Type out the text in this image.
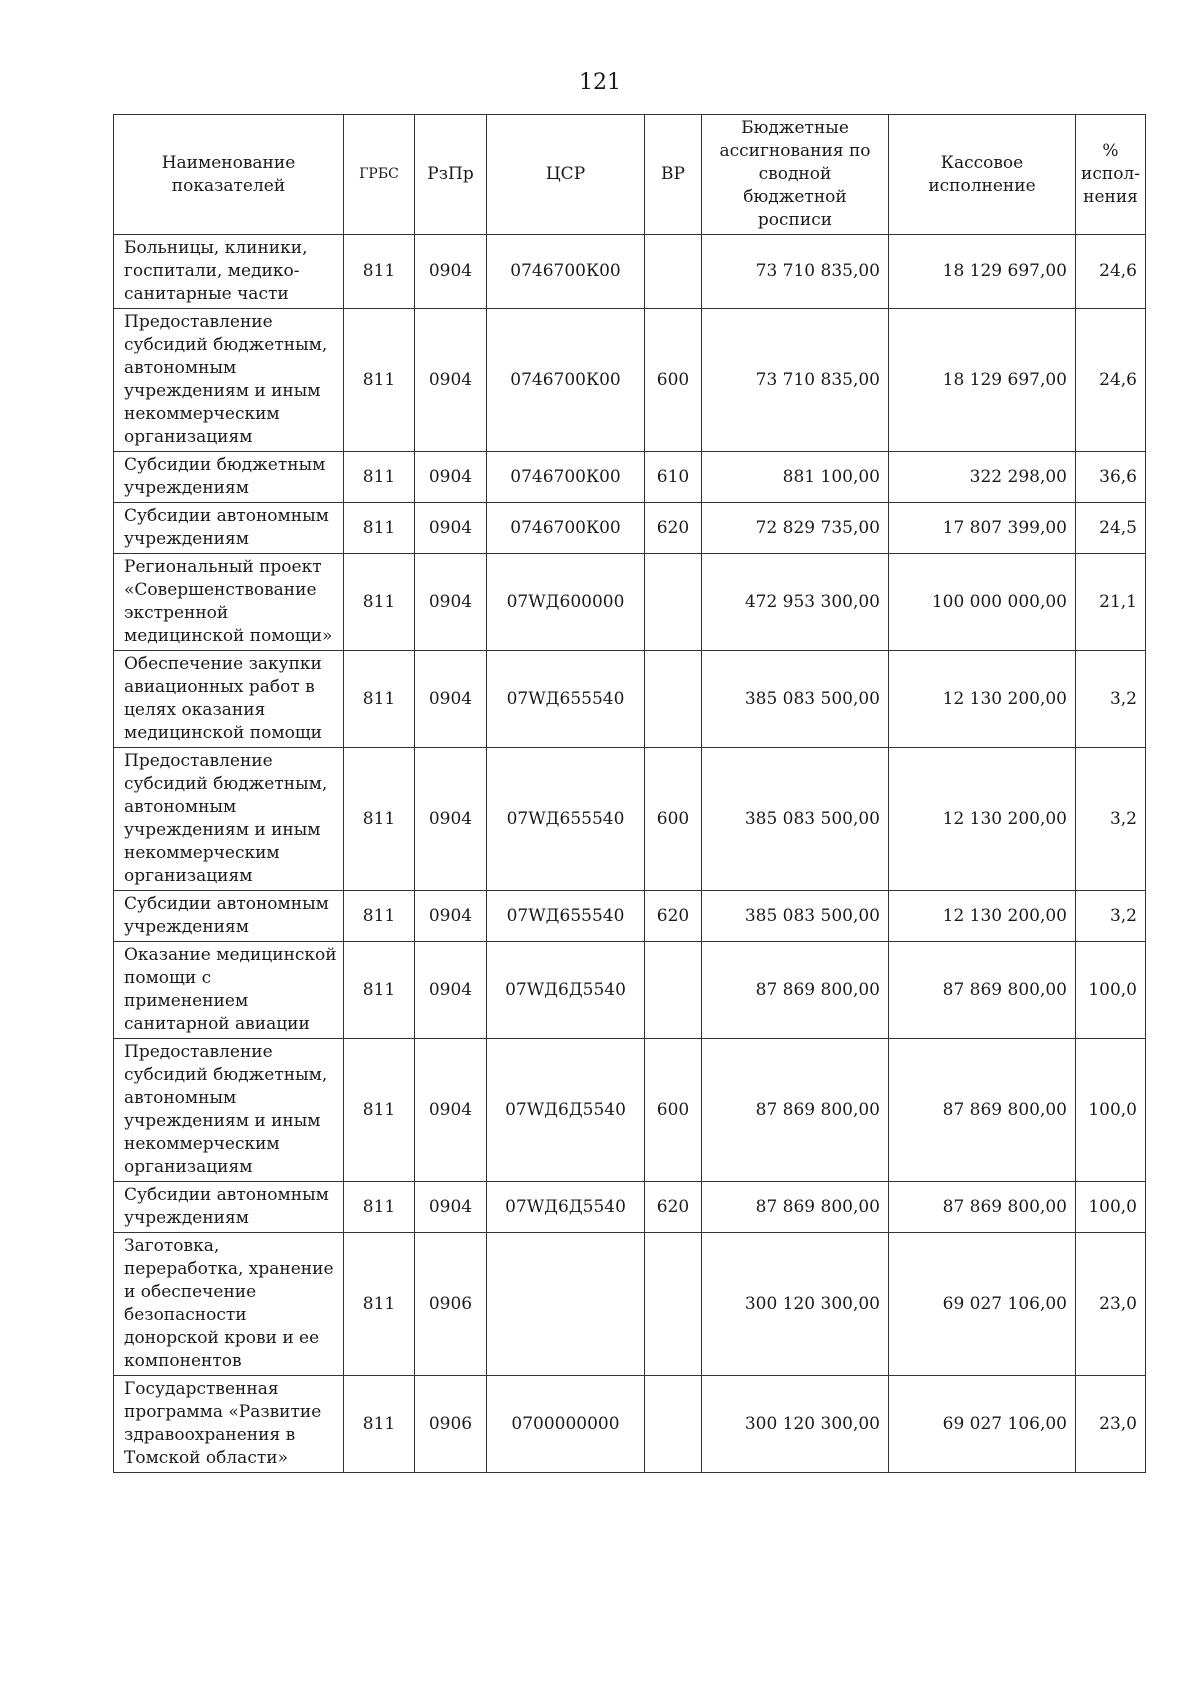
121
Наименование показателей	ГРБС	РзПр	ЦСР	ВР	Бюджетные ассигнования по сводной бюджетной росписи	Кассовое исполнение	% испол-нения
Больницы, клиники, госпитали, медико-санитарные части	811	0904	0746700К00		73 710 835,00	18 129 697,00	24,6
Предоставление субсидий бюджетным, автономным учреждениям и иным некоммерческим организациям	811	0904	0746700К00	600	73 710 835,00	18 129 697,00	24,6
Субсидии бюджетным учреждениям	811	0904	0746700К00	610	881 100,00	322 298,00	36,6
Субсидии автономным учреждениям	811	0904	0746700К00	620	72 829 735,00	17 807 399,00	24,5
Региональный проект «Совершенствование экстренной медицинской помощи»	811	0904	07WД600000		472 953 300,00	100 000 000,00	21,1
Обеспечение закупки авиационных работ в целях оказания медицинской помощи	811	0904	07WД655540		385 083 500,00	12 130 200,00	3,2
Предоставление субсидий бюджетным, автономным учреждениям и иным некоммерческим организациям	811	0904	07WД655540	600	385 083 500,00	12 130 200,00	3,2
Субсидии автономным учреждениям	811	0904	07WД655540	620	385 083 500,00	12 130 200,00	3,2
Оказание медицинской помощи с применением санитарной авиации	811	0904	07WД6Д5540		87 869 800,00	87 869 800,00	100,0
Предоставление субсидий бюджетным, автономным учреждениям и иным некоммерческим организациям	811	0904	07WД6Д5540	600	87 869 800,00	87 869 800,00	100,0
Субсидии автономным учреждениям	811	0904	07WД6Д5540	620	87 869 800,00	87 869 800,00	100,0
Заготовка, переработка, хранение и обеспечение безопасности донорской крови и ее компонентов	811	0906			300 120 300,00	69 027 106,00	23,0
Государственная программа «Развитие здравоохранения в Томской области»	811	0906	0700000000		300 120 300,00	69 027 106,00	23,0
